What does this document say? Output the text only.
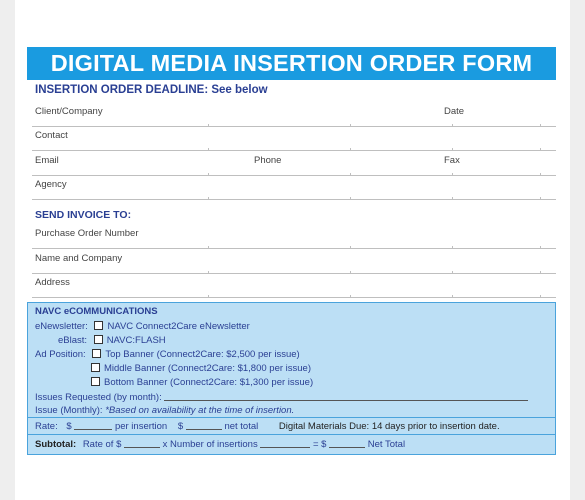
DIGITAL MEDIA INSERTION ORDER FORM
INSERTION ORDER DEADLINE: See below
Client/Company	Date
Contact
Email	Phone	Fax
Agency
SEND INVOICE TO:
Purchase Order Number
Name and Company
Address
NAVC eCOMMUNICATIONS
eNewsletter: NAVC Connect2Care eNewsletter
eBlast: NAVC:FLASH
Ad Position: Top Banner (Connect2Care: $2,500 per issue)
Middle Banner (Connect2Care: $1,800 per issue)
Bottom Banner (Connect2Care: $1,300 per issue)
Issues Requested (by month):
Issue (Monthly): *Based on availability at the time of insertion.
Rate: $	per insertion $	net total Digital Materials Due: 14 days prior to insertion date.
Subtotal: Rate of $	x Number of insertions	= $	Net Total
